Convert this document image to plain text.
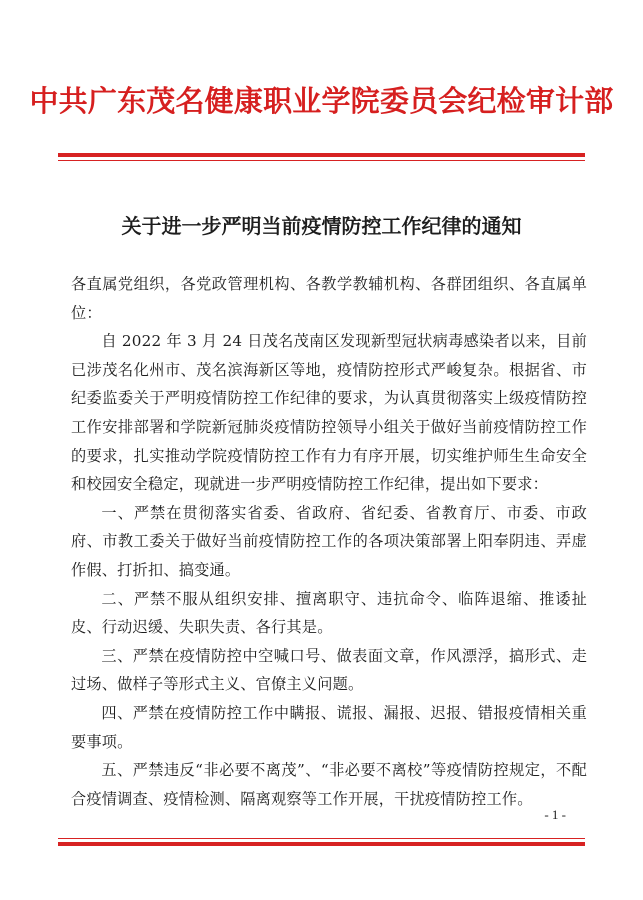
中共广东茂名健康职业学院委员会纪检审计部
关于进一步严明当前疫情防控工作纪律的通知

各直属党组织，各党政管理机构、各教学教辅机构、各群团组织、各直属单位：

自 2022 年 3 月 24 日茂名茂南区发现新型冠状病毒感染者以来，目前已涉茂名化州市、茂名滨海新区等地，疫情防控形式严峻复杂。根据省、市纪委监委关于严明疫情防控工作纪律的要求，为认真贯彻落实上级疫情防控工作安排部署和学院新冠肺炎疫情防控领导小组关于做好当前疫情防控工作的要求，扎实推动学院疫情防控工作有力有序开展，切实维护师生生命安全和校园安全稳定，现就进一步严明疫情防控工作纪律，提出如下要求：

一、严禁在贯彻落实省委、省政府、省纪委、省教育厅、市委、市政府、市教工委关于做好当前疫情防控工作的各项决策部署上阳奉阴违、弄虚作假、打折扣、搞变通。

二、严禁不服从组织安排、擅离职守、违抗命令、临阵退缩、推诿扯皮、行动迟缓、失职失责、各行其是。

三、严禁在疫情防控中空喊口号、做表面文章，作风漂浮，搞形式、走过场、做样子等形式主义、官僚主义问题。

四、严禁在疫情防控工作中瞒报、谎报、漏报、迟报、错报疫情相关重要事项。

五、严禁违反“非必要不离茂”、“非必要不离校”等疫情防控规定，不配合疫情调查、疫情检测、隔离观察等工作开展，干扰疫情防控工作。

- 1 -
